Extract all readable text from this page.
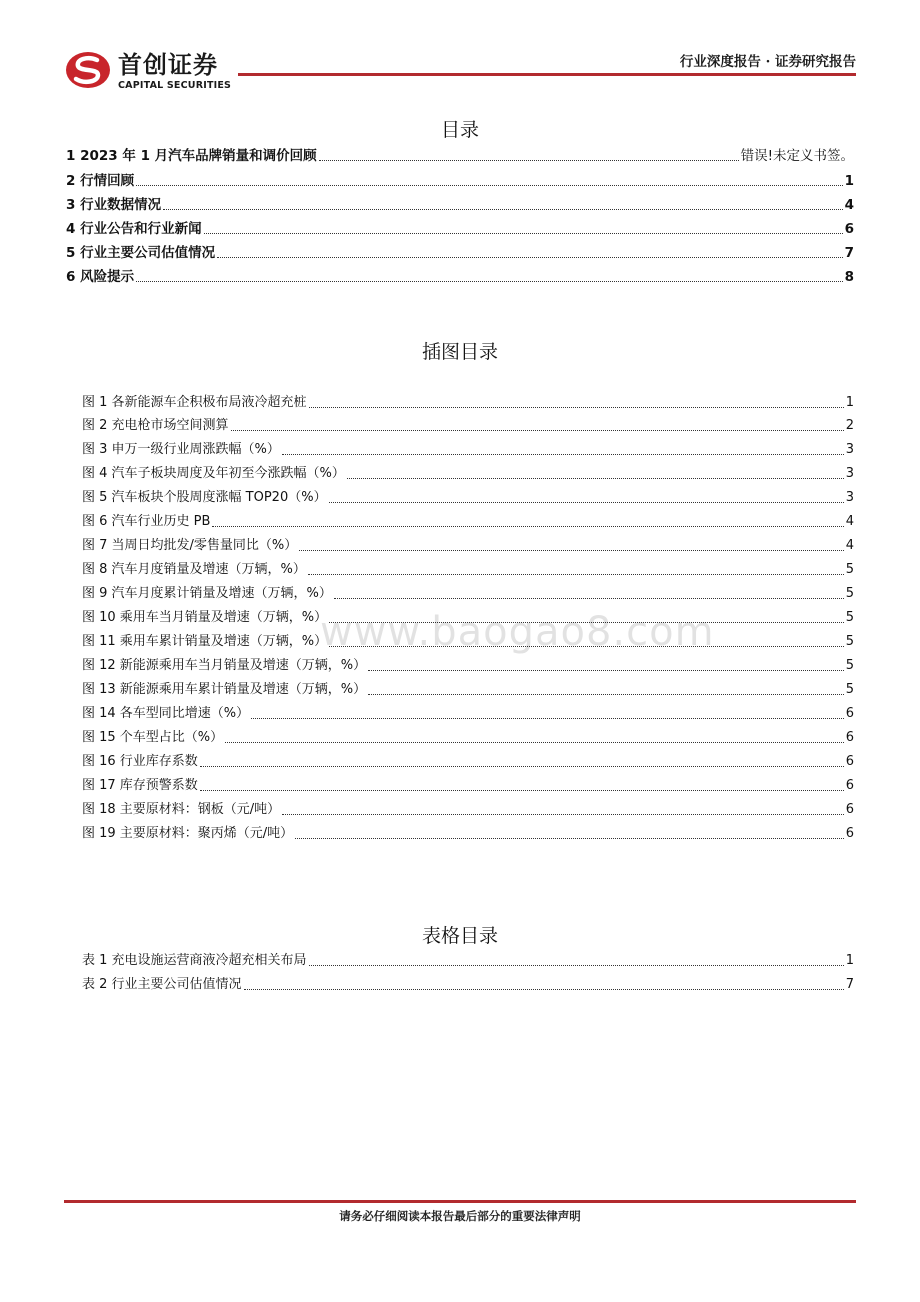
首创证券
CAPITAL SECURITIES
行业深度报告 · 证券研究报告
目录
1 2023 年 1 月汽车品牌销量和调价回顾	错误!未定义书签。
2 行情回顾	1
3 行业数据情况	4
4 行业公告和行业新闻	6
5 行业主要公司估值情况	7
6 风险提示	8
插图目录
图 1 各新能源车企积极布局液冷超充桩	1
图 2 充电枪市场空间测算	2
图 3 申万一级行业周涨跌幅（%）	3
图 4 汽车子板块周度及年初至今涨跌幅（%）	3
图 5 汽车板块个股周度涨幅 TOP20（%）	3
图 6 汽车行业历史 PB	4
图 7 当周日均批发/零售量同比（%）	4
图 8 汽车月度销量及增速（万辆，%）	5
图 9 汽车月度累计销量及增速（万辆，%）	5
图 10 乘用车当月销量及增速（万辆，%）	5
图 11 乘用车累计销量及增速（万辆，%）	5
图 12 新能源乘用车当月销量及增速（万辆，%）	5
图 13 新能源乘用车累计销量及增速（万辆，%）	5
图 14 各车型同比增速（%）	6
图 15 个车型占比（%）	6
图 16 行业库存系数	6
图 17 库存预警系数	6
图 18 主要原材料：钢板（元/吨）	6
图 19 主要原材料：聚丙烯（元/吨）	6
表格目录
表 1 充电设施运营商液冷超充相关布局	1
表 2 行业主要公司估值情况	7
www.baogao8.com
请务必仔细阅读本报告最后部分的重要法律声明
